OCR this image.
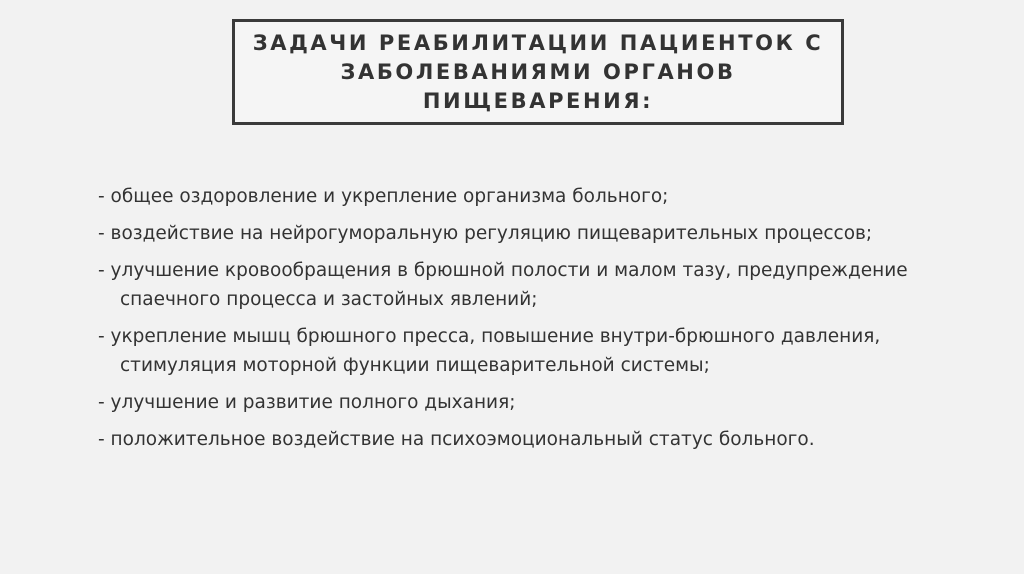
ЗАДАЧИ РЕАБИЛИТАЦИИ ПАЦИЕНТОК С
ЗАБОЛЕВАНИЯМИ ОРГАНОВ
ПИЩЕВАРЕНИЯ:
- общее оздоровление и укрепление организма больного;
- воздействие на нейрогуморальную регуляцию пищеварительных процессов;
- улучшение кровообращения в брюшной полости и малом тазу, предупреждение спаечного процесса и застойных явлений;
- укрепление мышц брюшного пресса, повышение внутри-брюшного давления, стимуляция моторной функции пищеварительной системы;
- улучшение и развитие полного дыхания;
- положительное воздействие на психоэмоциональный статус больного.
